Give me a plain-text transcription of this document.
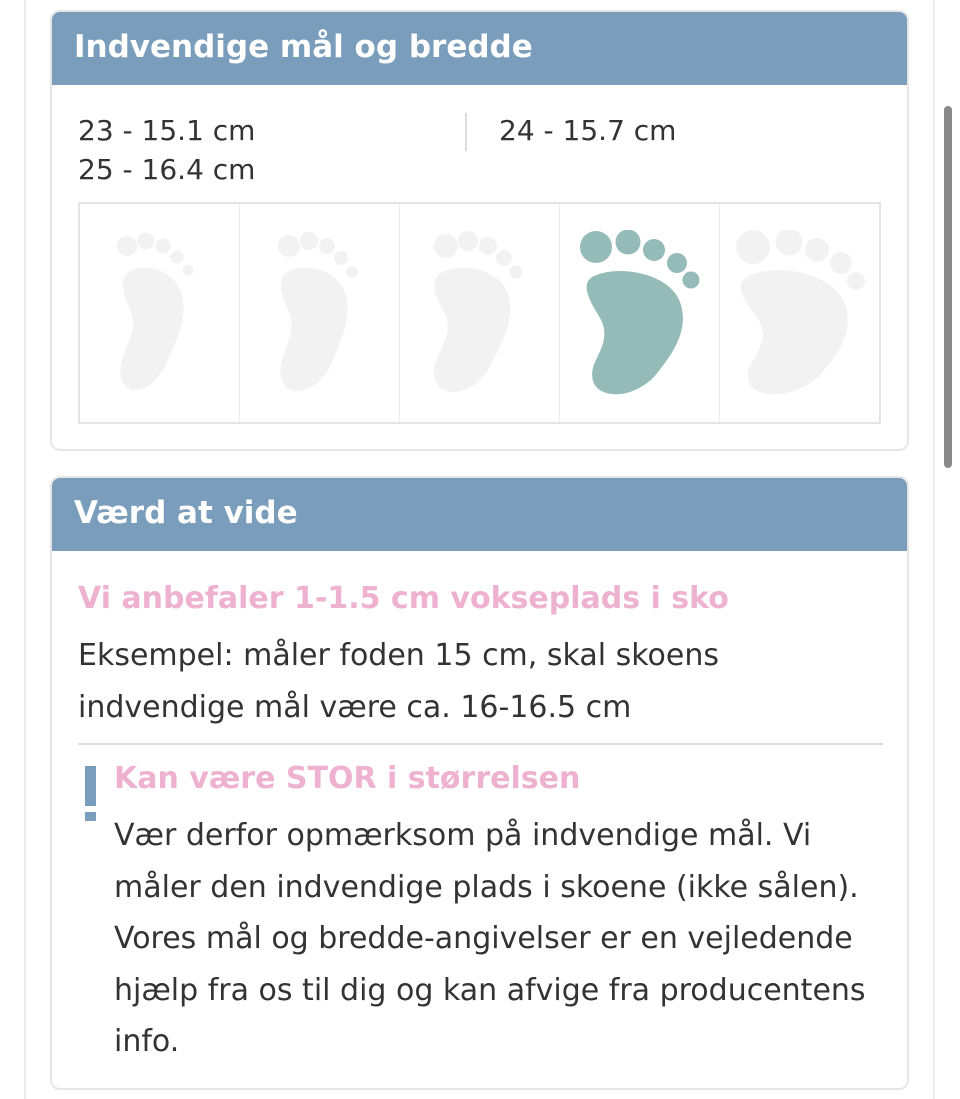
Indvendige mål og bredde
23 - 15.1 cm
25 - 16.4 cm
24 - 15.7 cm
Værd at vide
Vi anbefaler 1-1.5 cm vokseplads i sko
Eksempel: måler foden 15 cm, skal skoens indvendige mål være ca. 16-16.5 cm
Kan være STOR i størrelsen
Vær derfor opmærksom på indvendige mål. Vi måler den indvendige plads i skoene (ikke sålen). Vores mål og bredde-angivelser er en vejledende hjælp fra os til dig og kan afvige fra producentens info.
